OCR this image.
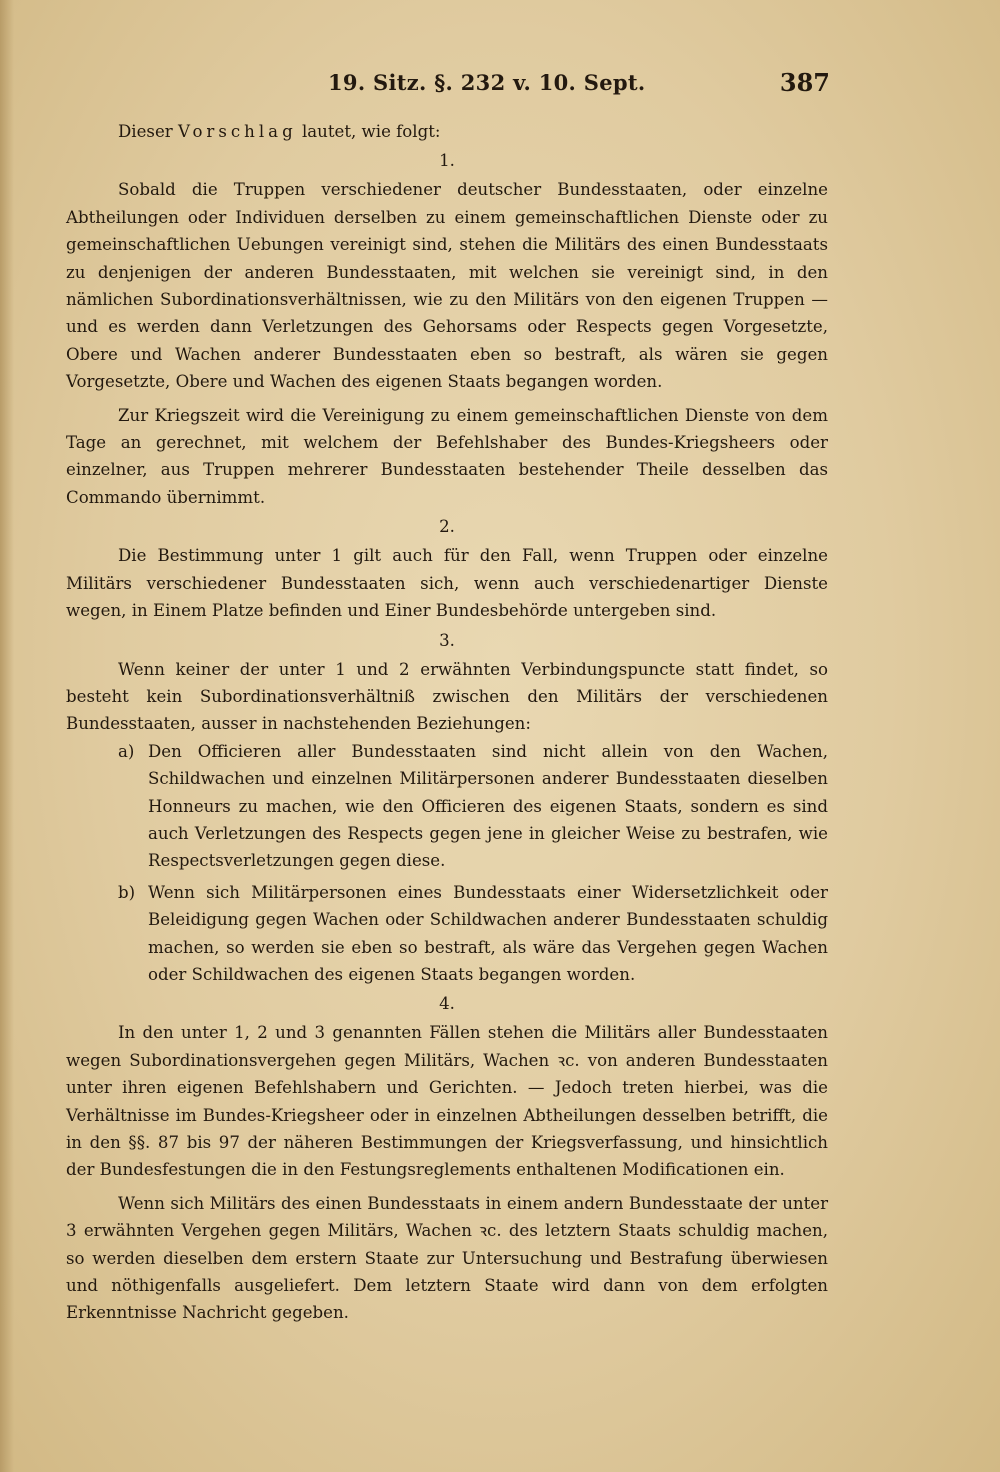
19. Sitz. §. 232 v. 10. Sept.	387

Dieser Vorschlag lautet, wie folgt:

1.

Sobald die Truppen verschiedener deutscher Bundesstaaten, oder einzelne Abtheilungen oder Individuen derselben zu einem gemeinschaftlichen Dienste oder zu gemeinschaftlichen Uebungen vereinigt sind, stehen die Militärs des einen Bundesstaats zu denjenigen der anderen Bundesstaaten, mit welchen sie vereinigt sind, in den nämlichen Subordinationsverhältnissen, wie zu den Militärs von den eigenen Truppen — und es werden dann Verletzungen des Gehorsams oder Respects gegen Vorgesetzte, Obere und Wachen anderer Bundesstaaten eben so bestraft, als wären sie gegen Vorgesetzte, Obere und Wachen des eigenen Staats begangen worden.

Zur Kriegszeit wird die Vereinigung zu einem gemeinschaftlichen Dienste von dem Tage an gerechnet, mit welchem der Befehlshaber des Bundes-Kriegsheers oder einzelner, aus Truppen mehrerer Bundesstaaten bestehender Theile desselben das Commando übernimmt.

2.

Die Bestimmung unter 1 gilt auch für den Fall, wenn Truppen oder einzelne Militärs verschiedener Bundesstaaten sich, wenn auch verschiedenartiger Dienste wegen, in Einem Platze befinden und Einer Bundesbehörde untergeben sind.

3.

Wenn keiner der unter 1 und 2 erwähnten Verbindungspuncte statt findet, so besteht kein Subordinationsverhältniß zwischen den Militärs der verschiedenen Bundesstaaten, ausser in nachstehenden Beziehungen:

a) Den Officieren aller Bundesstaaten sind nicht allein von den Wachen, Schildwachen und einzelnen Militärpersonen anderer Bundesstaaten dieselben Honneurs zu machen, wie den Officieren des eigenen Staats, sondern es sind auch Verletzungen des Respects gegen jene in gleicher Weise zu bestrafen, wie Respectsverletzungen gegen diese.
b) Wenn sich Militärpersonen eines Bundesstaats einer Widersetzlichkeit oder Beleidigung gegen Wachen oder Schildwachen anderer Bundesstaaten schuldig machen, so werden sie eben so bestraft, als wäre das Vergehen gegen Wachen oder Schildwachen des eigenen Staats begangen worden.
4.

In den unter 1, 2 und 3 genannten Fällen stehen die Militärs aller Bundesstaaten wegen Subordinationsvergehen gegen Militärs, Wachen ꝛc. von anderen Bundesstaaten unter ihren eigenen Befehlshabern und Gerichten. — Jedoch treten hierbei, was die Verhältnisse im Bundes-Kriegsheer oder in einzelnen Abtheilungen desselben betrifft, die in den §§. 87 bis 97 der näheren Bestimmungen der Kriegsverfassung, und hinsichtlich der Bundesfestungen die in den Festungsreglements enthaltenen Modificationen ein.

Wenn sich Militärs des einen Bundesstaats in einem andern Bundesstaate der unter 3 erwähnten Vergehen gegen Militärs, Wachen ꝛc. des letztern Staats schuldig machen, so werden dieselben dem erstern Staate zur Untersuchung und Bestrafung überwiesen und nöthigenfalls ausgeliefert. Dem letztern Staate wird dann von dem erfolgten Erkenntnisse Nachricht gegeben.
